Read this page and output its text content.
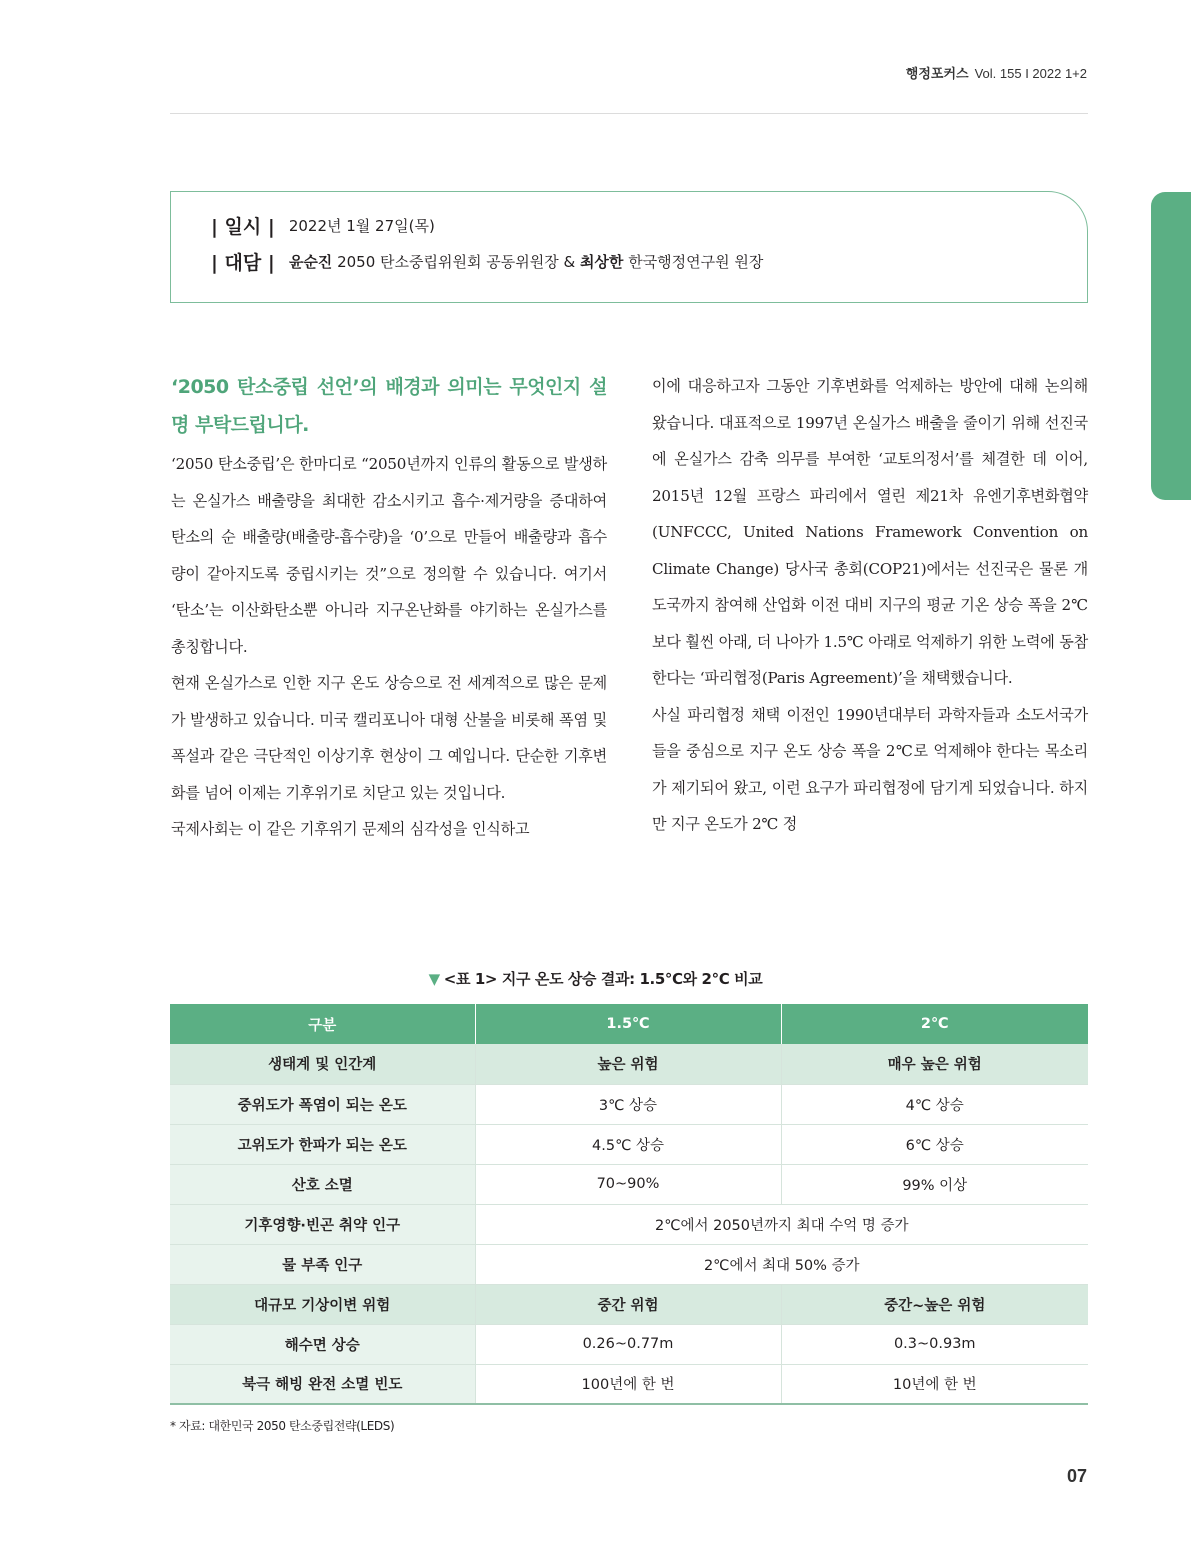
행정포커스 Vol. 155 I 2022 1+2
| 일시 | 2022년 1월 27일(목)
| 대담 | 윤순진 2050 탄소중립위원회 공동위원장 & 최상한 한국행정연구원 원장
‘2050 탄소중립 선언’의 배경과 의미는 무엇인지 설명 부탁드립니다.

‘2050 탄소중립’은 한마디로 “2050년까지 인류의 활동으로 발생하는 온실가스 배출량을 최대한 감소시키고 흡수·제거량을 증대하여 탄소의 순 배출량(배출량-흡수량)을 ‘0’으로 만들어 배출량과 흡수량이 같아지도록 중립시키는 것”으로 정의할 수 있습니다. 여기서 ‘탄소’는 이산화탄소뿐 아니라 지구온난화를 야기하는 온실가스를 총칭합니다.

현재 온실가스로 인한 지구 온도 상승으로 전 세계적으로 많은 문제가 발생하고 있습니다. 미국 캘리포니아 대형 산불을 비롯해 폭염 및 폭설과 같은 극단적인 이상기후 현상이 그 예입니다. 단순한 기후변화를 넘어 이제는 기후위기로 치닫고 있는 것입니다.

국제사회는 이 같은 기후위기 문제의 심각성을 인식하고

이에 대응하고자 그동안 기후변화를 억제하는 방안에 대해 논의해 왔습니다. 대표적으로 1997년 온실가스 배출을 줄이기 위해 선진국에 온실가스 감축 의무를 부여한 ‘교토의정서’를 체결한 데 이어, 2015년 12월 프랑스 파리에서 열린 제21차 유엔기후변화협약(UNFCCC, United Nations Framework Convention on Climate Change) 당사국 총회(COP21)에서는 선진국은 물론 개도국까지 참여해 산업화 이전 대비 지구의 평균 기온 상승 폭을 2℃보다 훨씬 아래, 더 나아가 1.5℃ 아래로 억제하기 위한 노력에 동참한다는 ‘파리협정(Paris Agreement)’을 채택했습니다.

사실 파리협정 채택 이전인 1990년대부터 과학자들과 소도서국가들을 중심으로 지구 온도 상승 폭을 2℃로 억제해야 한다는 목소리가 제기되어 왔고, 이런 요구가 파리협정에 담기게 되었습니다. 하지만 지구 온도가 2℃ 정

▼ <표 1> 지구 온도 상승 결과: 1.5℃와 2℃ 비교
구분	1.5℃	2℃
생태계 및 인간계	높은 위험	매우 높은 위험
중위도가 폭염이 되는 온도	3℃ 상승	4℃ 상승
고위도가 한파가 되는 온도	4.5℃ 상승	6℃ 상승
산호 소멸	70~90%	99% 이상
기후영향·빈곤 취약 인구	2℃에서 2050년까지 최대 수억 명 증가	
물 부족 인구	2℃에서 최대 50% 증가	
대규모 기상이변 위험	중간 위험	중간~높은 위험
해수면 상승	0.26~0.77m	0.3~0.93m
북극 해빙 완전 소멸 빈도	100년에 한 번	10년에 한 번
* 자료: 대한민국 2050 탄소중립전략(LEDS)
07
